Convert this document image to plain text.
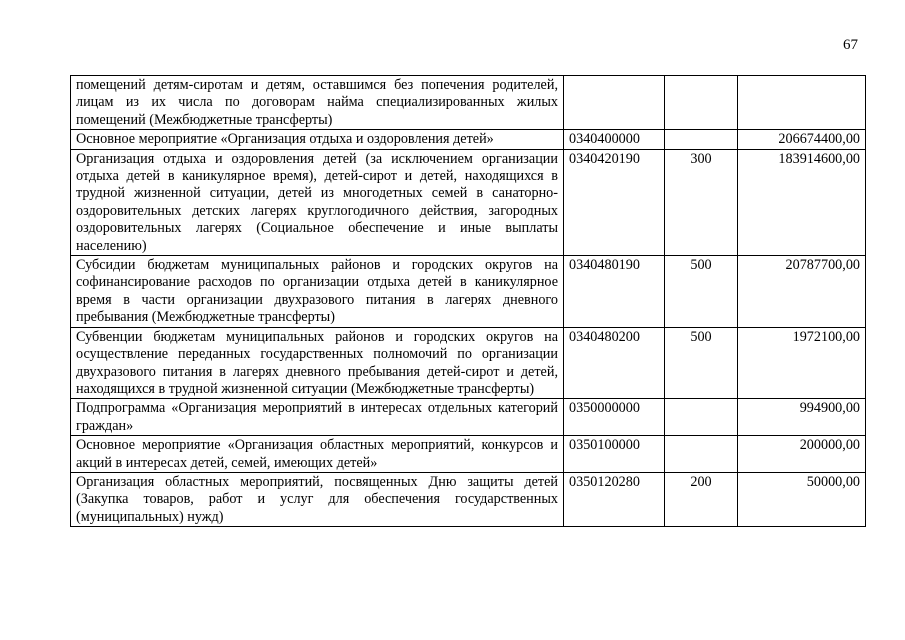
67
помещений детям-сиротам и детям, оставшимся без попечения родителей, лицам из их числа по договорам найма специализированных жилых помещений (Межбюджетные трансферты)			
Основное мероприятие «Организация отдыха и оздоровления детей»	0340400000		206674400,00
Организация отдыха и оздоровления детей (за исключением организации отдыха детей в каникулярное время), детей-сирот и детей, находящихся в трудной жизненной ситуации, детей из многодетных семей в санаторно-оздоровительных детских лагерях круглогодичного действия, загородных оздоровительных лагерях (Социальное обеспечение и иные выплаты населению)	0340420190	300	183914600,00
Субсидии бюджетам муниципальных районов и городских округов на софинансирование расходов по организации отдыха детей в каникулярное время в части организации двухразового питания в лагерях дневного пребывания (Межбюджетные трансферты)	0340480190	500	20787700,00
Субвенции бюджетам муниципальных районов и городских округов на осуществление переданных государственных полномочий по организации двухразового питания в лагерях дневного пребывания детей-сирот и детей, находящихся в трудной жизненной ситуации (Межбюджетные трансферты)	0340480200	500	1972100,00
Подпрограмма «Организация мероприятий в интересах отдельных категорий граждан»	0350000000		994900,00
Основное мероприятие «Организация областных мероприятий, конкурсов и акций в интересах детей, семей, имеющих детей»	0350100000		200000,00
Организация областных мероприятий, посвященных Дню защиты детей (Закупка товаров, работ и услуг для обеспечения государственных (муниципальных) нужд)	0350120280	200	50000,00
